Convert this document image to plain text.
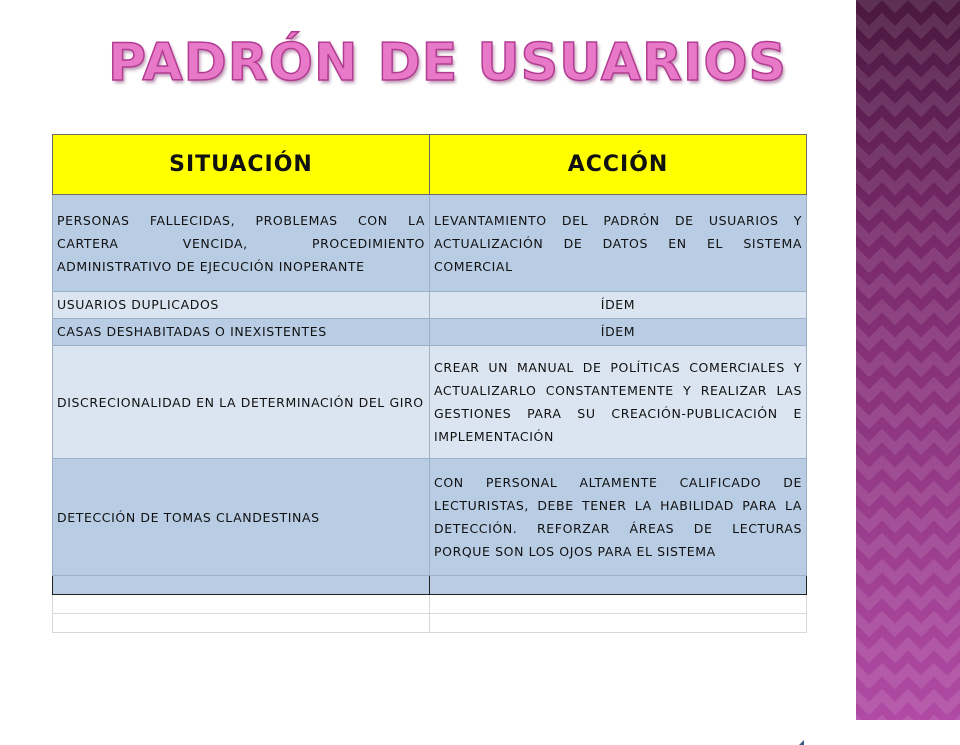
PADRÓN DE USUARIOS
SITUACIÓN	ACCIÓN
PERSONAS FALLECIDAS, PROBLEMAS CON LA CARTERA VENCIDA, PROCEDIMIENTO ADMINISTRATIVO DE EJECUCIÓN INOPERANTE	LEVANTAMIENTO DEL PADRÓN DE USUARIOS Y ACTUALIZACIÓN DE DATOS EN EL SISTEMA COMERCIAL
USUARIOS DUPLICADOS	ÍDEM
CASAS DESHABITADAS O INEXISTENTES	ÍDEM
DISCRECIONALIDAD EN LA DETERMINACIÓN DEL GIRO	CREAR UN MANUAL DE POLÍTICAS COMERCIALES Y ACTUALIZARLO CONSTANTEMENTE Y REALIZAR LAS GESTIONES PARA SU CREACIÓN-PUBLICACIÓN E IMPLEMENTACIÓN
DETECCIÓN DE TOMAS CLANDESTINAS	CON PERSONAL ALTAMENTE CALIFICADO DE LECTURISTAS, DEBE TENER LA HABILIDAD PARA LA DETECCIÓN. REFORZAR ÁREAS DE LECTURAS PORQUE SON LOS OJOS PARA EL SISTEMA
